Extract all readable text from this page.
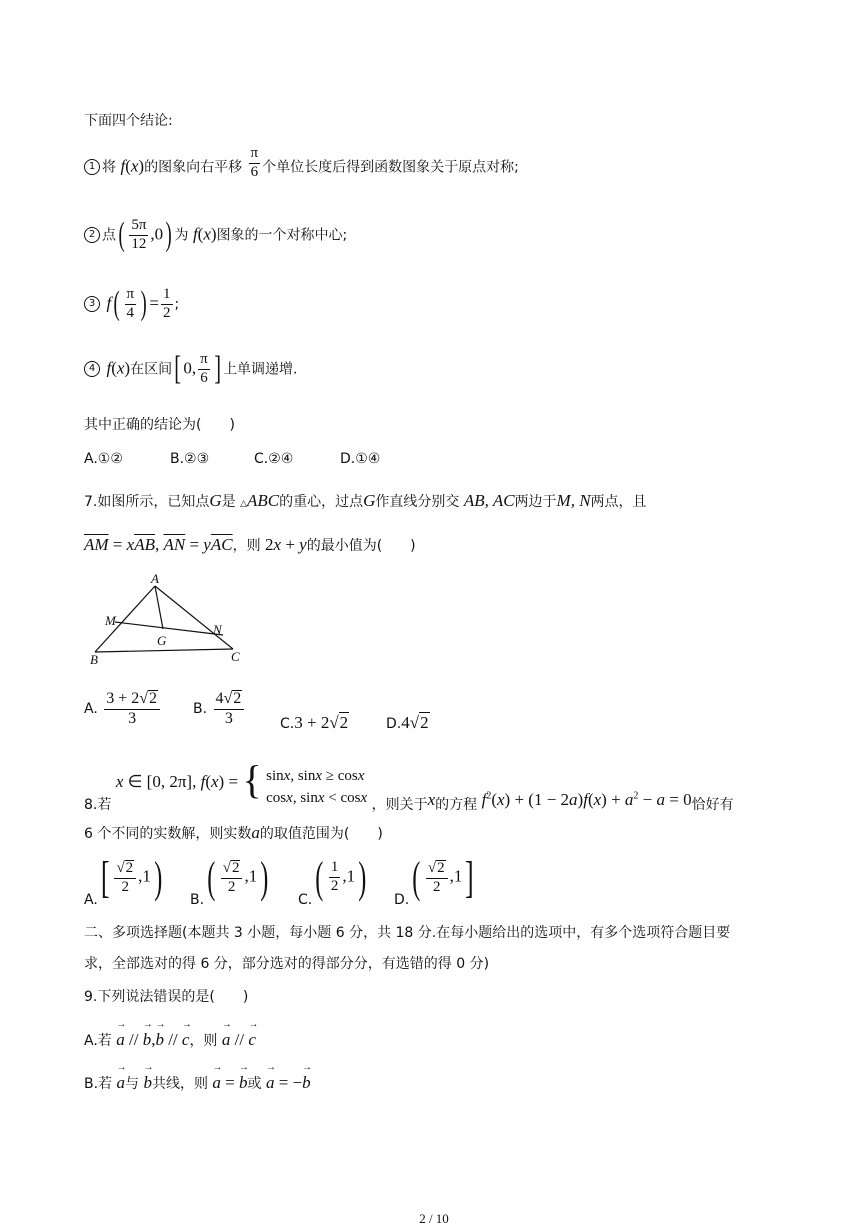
下面四个结论:
1 将 f(x)的图象向右平移 $\frac{\pi}{6}$ 个单位长度后得到函数图象关于原点对称;
2 点( $\frac{5\pi}{12} ,0$) 为 f(x)图象的一个对称中心;
3 $f( \frac{\pi}{4}$ ) = $\frac{1}{2}$ ;
4 f(x)在区间[ 0, $\frac{\pi}{6}$ ] 上单调递增.
其中正确的结论为(　　)
A.①②	B.②③	C.②④	D.①④
7.如图所示，已知点G是 △ABC的重心，过点G作直线分别交 AB, AC两边于M, N两点，且
$\overline{AM} = x\overline{AB}$, $\overline{AN} = y\overline{AC}$，则 2x + y的最小值为(　　)
A
M
N
G
B	C
A. $\frac{3 + 2√2}{3} B$. $\frac{4√2}{3}$	C.3 + 2√2	D.4√2
8.若 x ∈ [0, 2π], f(x) = { sinx, sinx ≥ cosx
cosx, sinx < cosx ，则关于x的方程 $f^2(x) + (1 - 2a)f(x) + a^2 - a = 0$恰好有
6 个不同的实数解，则实数a的取值范围为(　　)
$A.[ \frac{√2}{2} ,1)$ $B.( \frac{√2}{2} ,1)$ $C.( \frac{1}{2} ,1)$ $D.( \frac{√2}{2} ,1]$
二、多项选择题(本题共 3 小题，每小题 6 分，共 18 分.在每小题给出的选项中，有多个选项符合题目要
求，全部选对的得 6 分，部分选对的得部分分，有选错的得 0 分)
9.下列说法错误的是(　　)
A.若 → a // → b,→ b // → c，则 → a // → c
B.若 → a与 → b共线，则 → a = → b或 → a = −→ b
2 / 10
